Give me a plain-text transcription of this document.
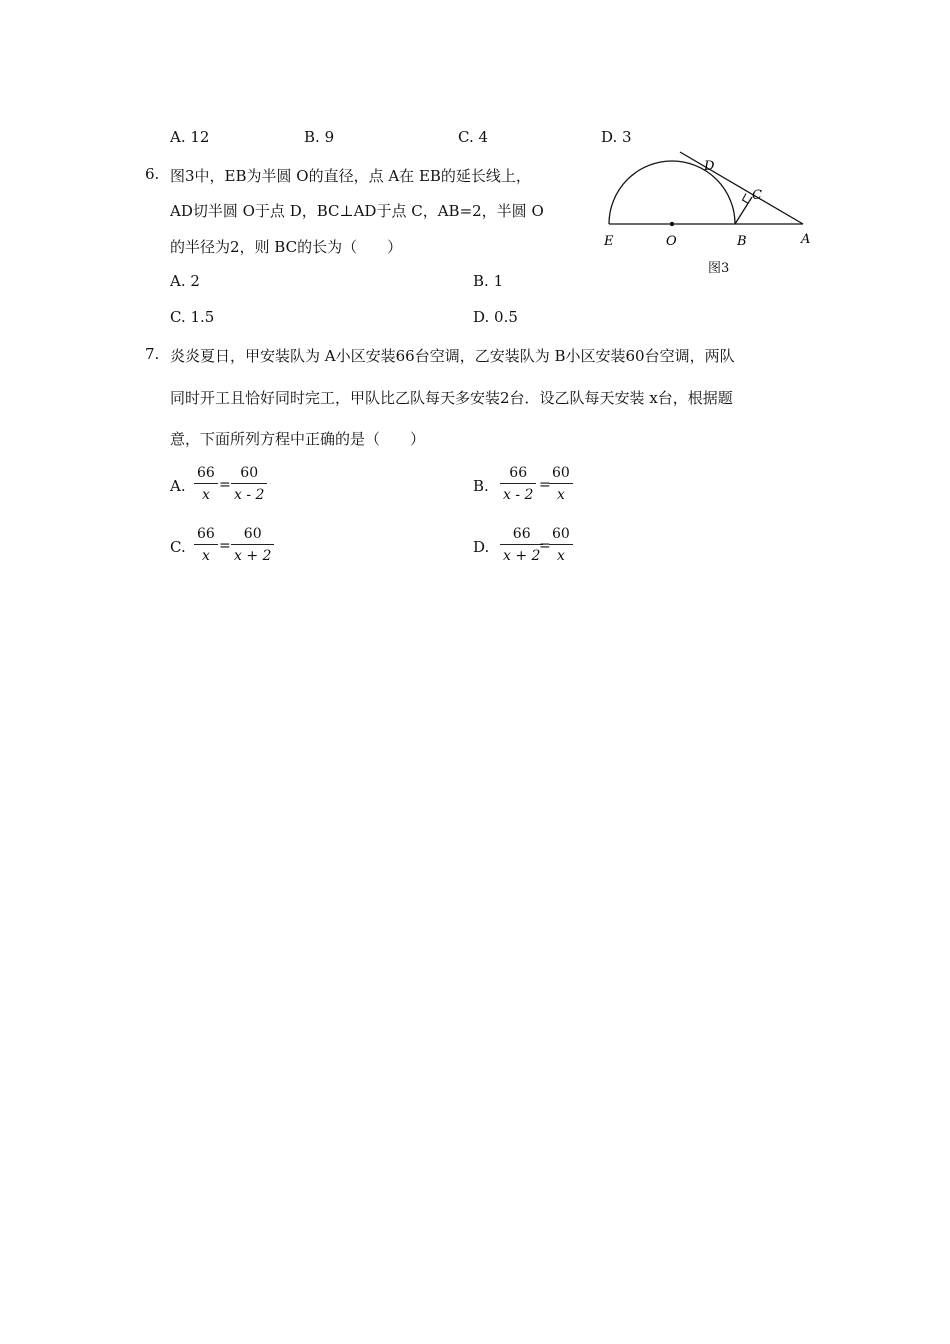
A. 12	B. 9	C. 4	D. 3
6. 图3中，EB为半圆 O的直径，点 A在 EB的延长线上，
AD切半圆 O于点 D，BC⊥AD于点 C，AB=2，半圆 O
的半径为2，则 BC的长为（　　）
A. 2	B. 1
C. 1.5	D. 0.5
E	O	B	A
C
D
图3
7. 炎炎夏日，甲安装队为 A小区安装66台空调，乙安装队为 B小区安装60台空调，两队
同时开工且恰好同时完工，甲队比乙队每天多安装2台．设乙队每天安装 x台，根据题
意，下面所列方程中正确的是（　　）
A. $\frac{66}{x} = \frac{60}{x - 2}$	B. $\frac{66}{x - 2}$ =
$\frac{60}{x}$
C. $\frac{66}{x} = \frac{60}{x + 2}$	D. $\frac{66}{x + 2}$
=
$\frac{60}{x}$
